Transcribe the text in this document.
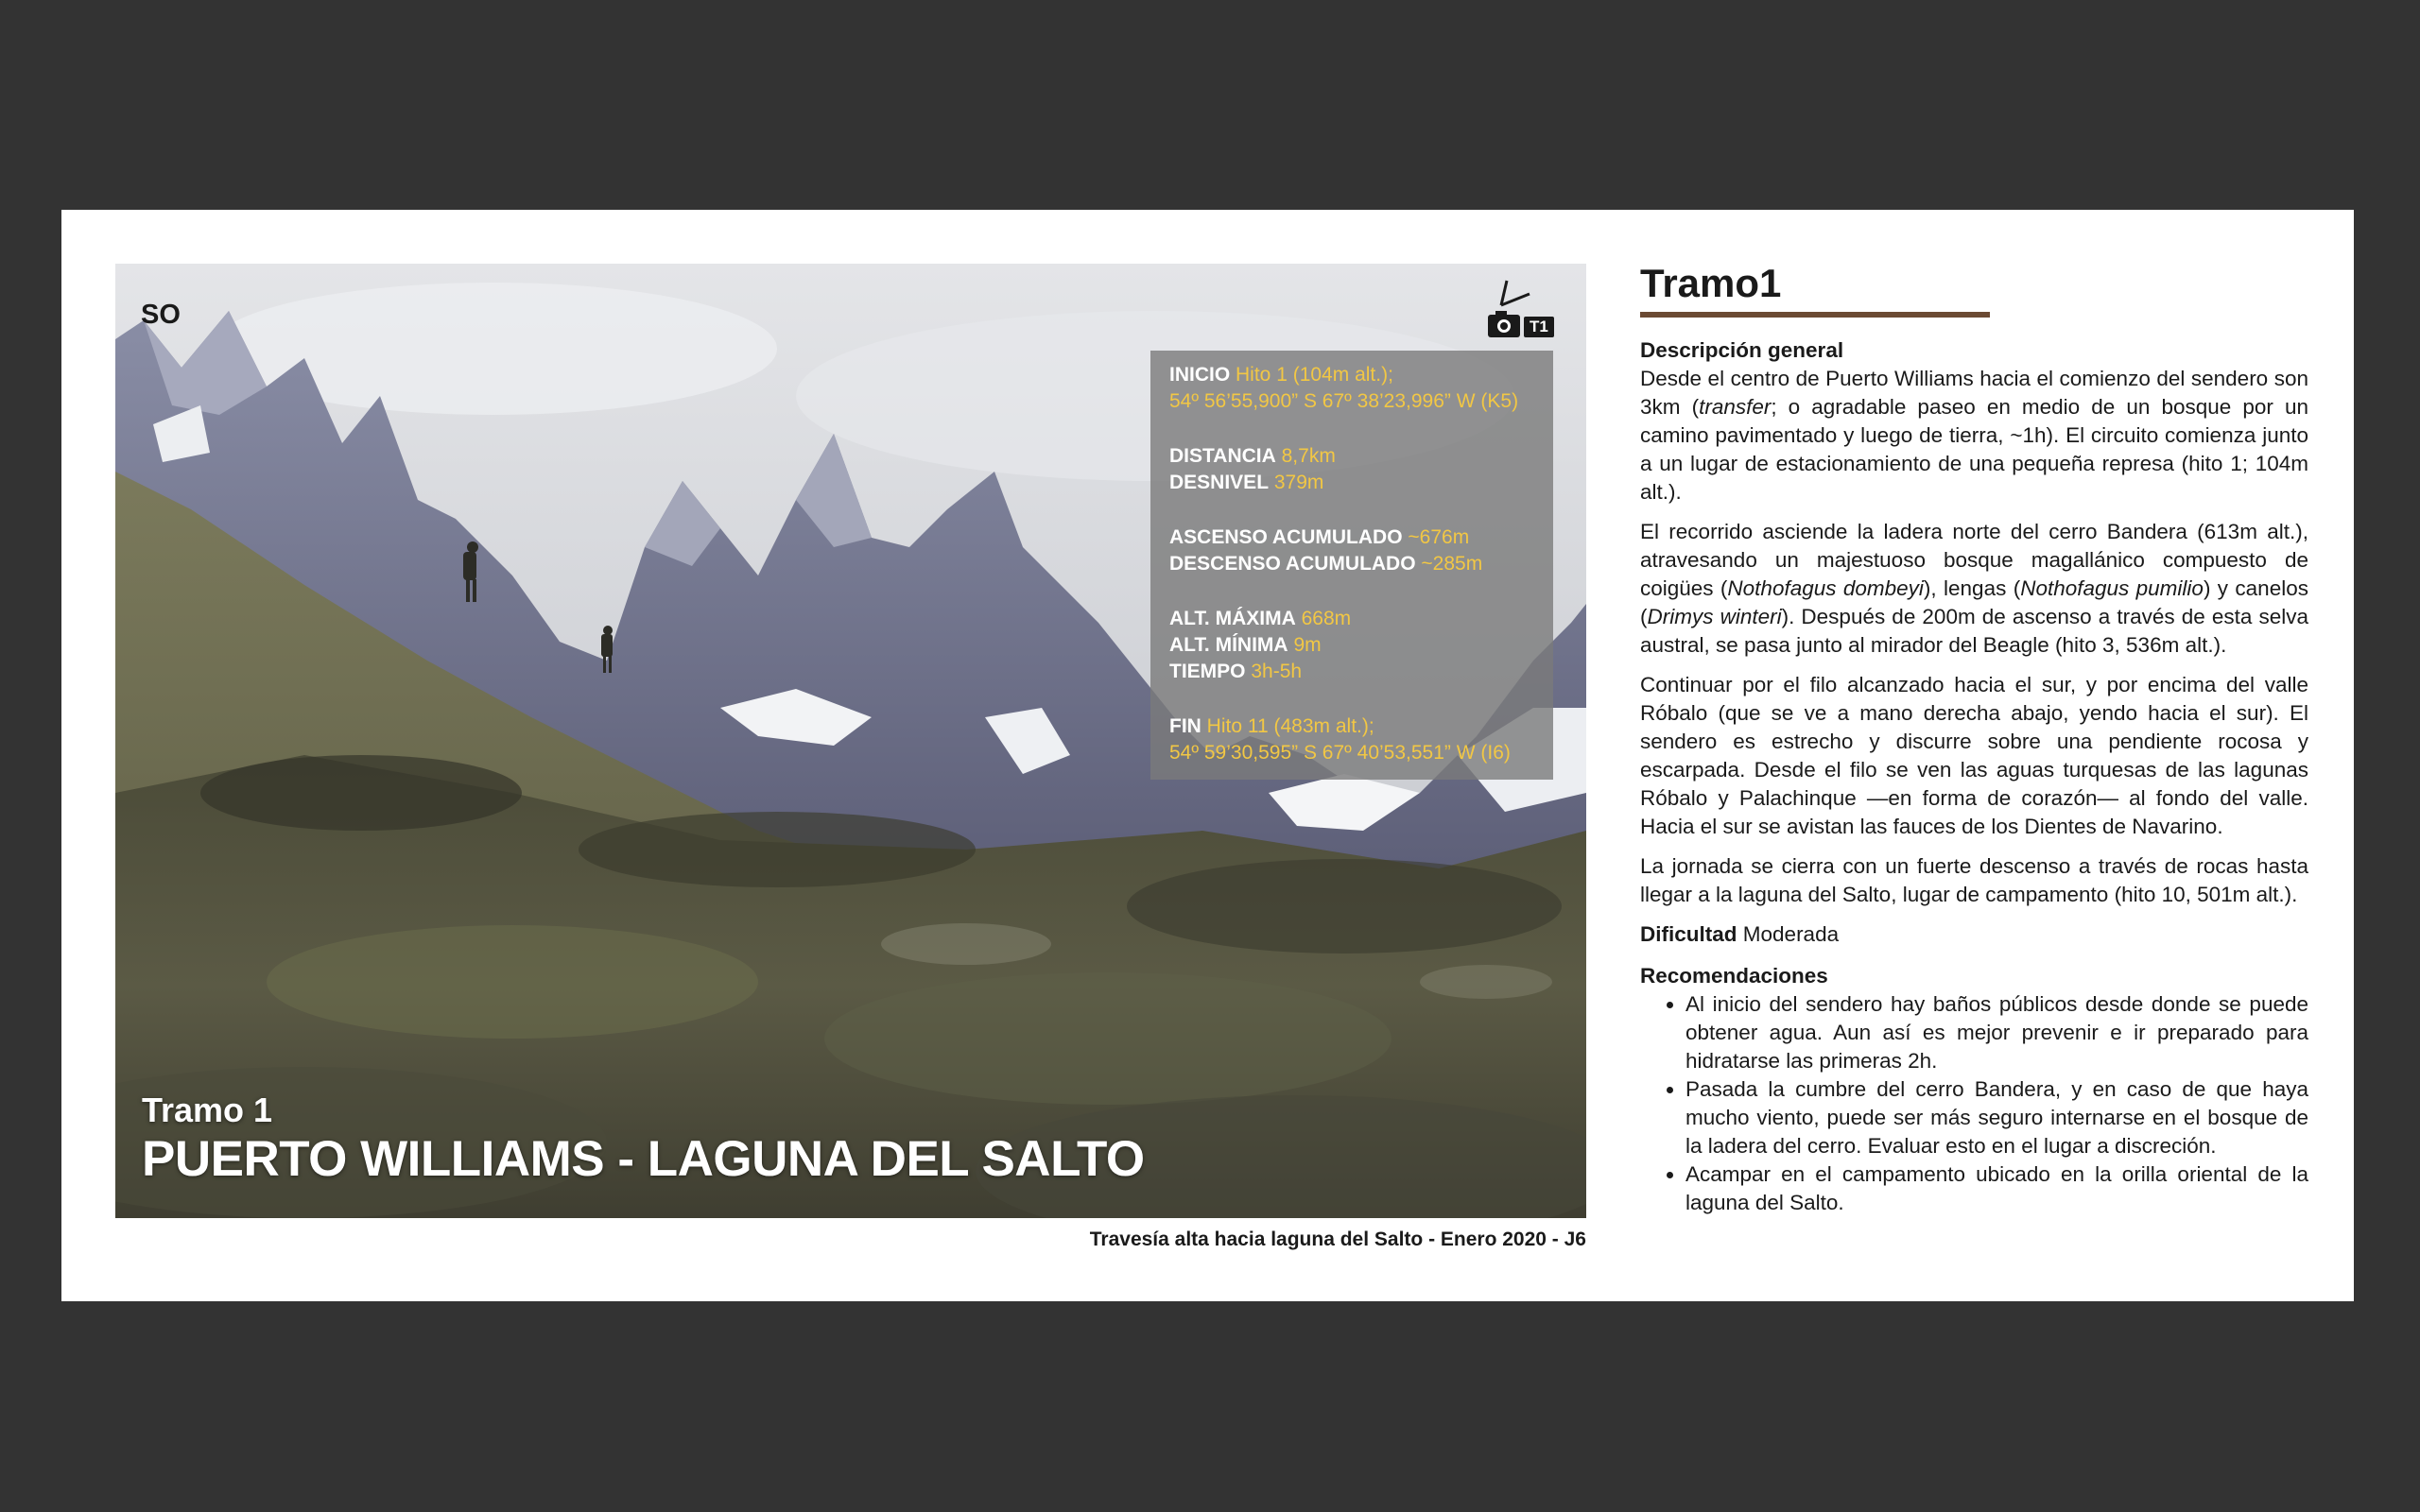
SO	T1
INICIO Hito 1 (104m alt.);
54º 56’55,900” S 67º 38’23,996” W (K5)
DISTANCIA 8,7km
DESNIVEL 379m
ASCENSO ACUMULADO ~676m
DESCENSO ACUMULADO ~285m
ALT. MÁXIMA 668m
ALT. MÍNIMA 9m
TIEMPO 3h-5h
FIN Hito 11 (483m alt.);
54º 59’30,595” S 67º 40’53,551” W (I6)
Tramo 1
PUERTO WILLIAMS - LAGUNA DEL SALTO
Travesía alta hacia laguna del Salto - Enero 2020 - J6
Tramo1
Descripción general

Desde el centro de Puerto Williams hacia el comienzo del sendero son 3km (transfer; o agradable paseo en medio de un bosque por un camino pavimentado y luego de tierra, ~1h). El circuito comienza junto a un lugar de estacionamiento de una pequeña represa (hito 1; 104m alt.).

El recorrido asciende la ladera norte del cerro Bandera (613m alt.), atravesando un majestuoso bosque magallánico compuesto de coigües (Nothofagus dombeyi), lengas (Nothofagus pumilio) y canelos (Drimys winteri). Después de 200m de ascenso a través de esta selva austral, se pasa junto al mirador del Beagle (hito 3, 536m alt.).

Continuar por el filo alcanzado hacia el sur, y por encima del valle Róbalo (que se ve a mano derecha abajo, yendo hacia el sur). El sendero es estrecho y discurre sobre una pendiente rocosa y escarpada. Desde el filo se ven las aguas turquesas de las lagunas Róbalo y Palachinque —en forma de corazón— al fondo del valle. Hacia el sur se avistan las fauces de los Dientes de Navarino.

La jornada se cierra con un fuerte descenso a través de rocas hasta llegar a la laguna del Salto, lugar de campamento (hito 10, 501m alt.).

Dificultad Moderada

Recomendaciones
• Al inicio del sendero hay baños públicos desde donde se puede obtener agua. Aun así es mejor prevenir e ir preparado para hidratarse las primeras 2h.
• Pasada la cumbre del cerro Bandera, y en caso de que haya mucho viento, puede ser más seguro internarse en el bosque de la ladera del cerro. Evaluar esto en el lugar a discreción.
• Acampar en el campamento ubicado en la orilla oriental de la laguna del Salto.
